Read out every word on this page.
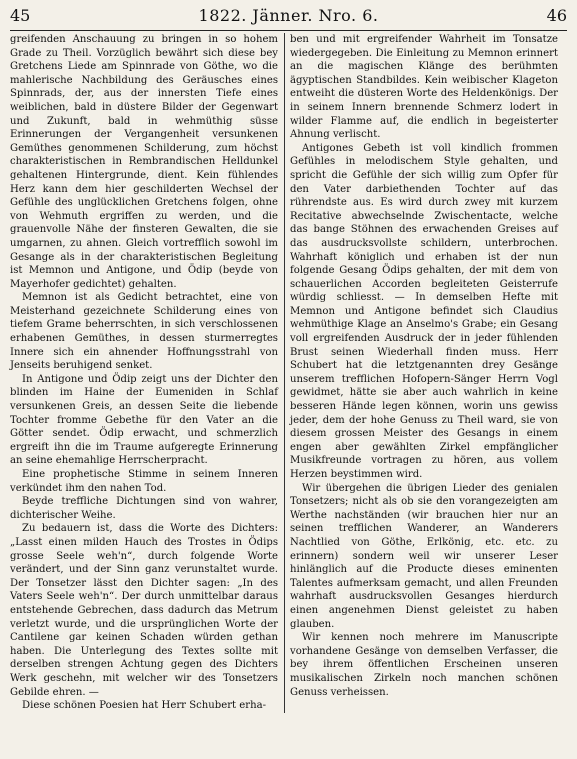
45	1822. Jänner. Nro. 6.	46

greifenden Anschauung zu bringen in so hohem Grade zu Theil. Vorzüglich bewährt sich diese bey Gretchens Liede am Spinnrade von Göthe, wo die mahlerische Nachbildung des Geräusches eines Spinnrads, der, aus der innersten Tiefe eines weiblichen, bald in düstere Bilder der Gegenwart und Zukunft, bald in wehmüthig süsse Erinnerungen der Vergangenheit versunkenen Gemüthes genommenen Schilderung, zum höchst charakteristischen in Rembrandischen Helldunkel gehaltenen Hintergrunde, dient. Kein fühlendes Herz kann dem hier geschilderten Wechsel der Gefühle des unglücklichen Gretchens folgen, ohne von Wehmuth ergriffen zu werden, und die grauenvolle Nähe der finsteren Gewalten, die sie umgarnen, zu ahnen. Gleich vortrefflich sowohl im Gesange als in der charakteristischen Begleitung ist Memnon und Antigone, und Ödip (beyde von Mayerhofer gedichtet) gehalten.

Memnon ist als Gedicht betrachtet, eine von Meisterhand gezeichnete Schilderung eines von tiefem Grame beherrschten, in sich verschlossenen erhabenen Gemüthes, in dessen sturmerregtes Innere sich ein ahnender Hoffnungsstrahl von Jenseits beruhigend senket.

In Antigone und Ödip zeigt uns der Dichter den blinden im Haine der Eumeniden in Schlaf versunkenen Greis, an dessen Seite die liebende Tochter fromme Gebethe für den Vater an die Götter sendet. Ödip erwacht, und schmerzlich ergreift ihn die im Traume aufgeregte Erinnerung an seine ehemahlige Herrscherpracht.

Eine prophetische Stimme in seinem Inneren verkündet ihm den nahen Tod.

Beyde treffliche Dichtungen sind von wahrer, dichterischer Weihe.

Zu bedauern ist, dass die Worte des Dichters: „Lasst einen milden Hauch des Trostes in Ödips grosse Seele weh'n“, durch folgende Worte verändert, und der Sinn ganz verunstaltet wurde. Der Tonsetzer lässt den Dichter sagen: „In des Vaters Seele weh'n“. Der durch unmittelbar daraus entstehende Gebrechen, dass dadurch das Metrum verletzt wurde, und die ursprünglichen Worte der Cantilene gar keinen Schaden würden gethan haben. Die Unterlegung des Textes sollte mit derselben strengen Achtung gegen des Dichters Werk geschehn, mit welcher wir des Tonsetzers Gebilde ehren. —

Diese schönen Poesien hat Herr Schubert erha-

ben und mit ergreifender Wahrheit im Tonsatze wiedergegeben. Die Einleitung zu Memnon erinnert an die magischen Klänge des berühmten ägyptischen Standbildes. Kein weibischer Klageton entweiht die düsteren Worte des Heldenkönigs. Der in seinem Innern brennende Schmerz lodert in wilder Flamme auf, die endlich in begeisterter Ahnung verlischt.

Antigones Gebeth ist voll kindlich frommen Gefühles in melodischem Style gehalten, und spricht die Gefühle der sich willig zum Opfer für den Vater darbiethenden Tochter auf das rührendste aus. Es wird durch zwey mit kurzem Recitative abwechselnde Zwischentacte, welche das bange Stöhnen des erwachenden Greises auf das ausdrucksvollste schildern, unterbrochen. Wahrhaft königlich und erhaben ist der nun folgende Gesang Ödips gehalten, der mit dem von schauerlichen Accorden begleiteten Geisterrufe würdig schliesst. — In demselben Hefte mit Memnon und Antigone befindet sich Claudius wehmüthige Klage an Anselmo's Grabe; ein Gesang voll ergreifenden Ausdruck der in jeder fühlenden Brust seinen Wiederhall finden muss. Herr Schubert hat die letztgenannten drey Gesänge unserem trefflichen Hofopern-Sänger Herrn Vogl gewidmet, hätte sie aber auch wahrlich in keine besseren Hände legen können, worin uns gewiss jeder, dem der hohe Genuss zu Theil ward, sie von diesem grossen Meister des Gesangs in einem engen aber gewählten Zirkel empfänglicher Musikfreunde vortragen zu hören, aus vollem Herzen beystimmen wird.

Wir übergehen die übrigen Lieder des genialen Tonsetzers; nicht als ob sie den vorangezeigten am Werthe nachständen (wir brauchen hier nur an seinen trefflichen Wanderer, an Wanderers Nachtlied von Göthe, Erlkönig, etc. etc. zu erinnern) sondern weil wir unserer Leser hinlänglich auf die Producte dieses eminenten Talentes aufmerksam gemacht, und allen Freunden wahrhaft ausdrucksvollen Gesanges hierdurch einen angenehmen Dienst geleistet zu haben glauben.

Wir kennen noch mehrere im Manuscripte vorhandene Gesänge von demselben Verfasser, die bey ihrem öffentlichen Erscheinen unseren musikalischen Zirkeln noch manchen schönen Genuss verheissen.
